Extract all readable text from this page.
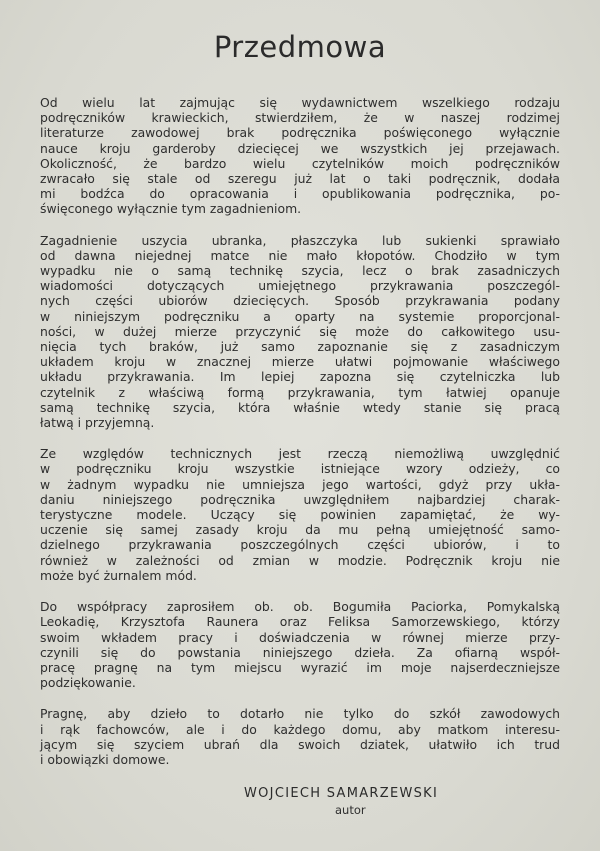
Przedmowa
Od wielu lat zajmując się wydawnictwem wszelkiego rodzaju
podręczników krawieckich, stwierdziłem, że w naszej rodzimej
literaturze zawodowej brak podręcznika poświęconego wyłącznie
nauce kroju garderoby dziecięcej we wszystkich jej przejawach.
Okoliczność, że bardzo wielu czytelników moich podręczników
zwracało się stale od szeregu już lat o taki podręcznik, dodała
mi bodźca do opracowania i opublikowania podręcznika, po-
święconego wyłącznie tym zagadnieniom.
Zagadnienie uszycia ubranka, płaszczyka lub sukienki sprawiało
od dawna niejednej matce nie mało kłopotów. Chodziło w tym
wypadku nie o samą technikę szycia, lecz o brak zasadniczych
wiadomości dotyczących umiejętnego przykrawania poszczegól-
nych części ubiorów dziecięcych. Sposób przykrawania podany
w niniejszym podręczniku a oparty na systemie proporcjonal-
ności, w dużej mierze przyczynić się może do całkowitego usu-
nięcia tych braków, już samo zapoznanie się z zasadniczym
układem kroju w znacznej mierze ułatwi pojmowanie właściwego
układu przykrawania. Im lepiej zapozna się czytelniczka lub
czytelnik z właściwą formą przykrawania, tym łatwiej opanuje
samą technikę szycia, która właśnie wtedy stanie się pracą
łatwą i przyjemną.
Ze względów technicznych jest rzeczą niemożliwą uwzględnić
w podręczniku kroju wszystkie istniejące wzory odzieży, co
w żadnym wypadku nie umniejsza jego wartości, gdyż przy ukła-
daniu niniejszego podręcznika uwzględniłem najbardziej charak-
terystyczne modele. Uczący się powinien zapamiętać, że wy-
uczenie się samej zasady kroju da mu pełną umiejętność samo-
dzielnego przykrawania poszczególnych części ubiorów, i to
również w zależności od zmian w modzie. Podręcznik kroju nie
może być żurnalem mód.
Do współpracy zaprosiłem ob. ob. Bogumiła Paciorka, Pomykalską
Leokadię, Krzysztofa Raunera oraz Feliksa Samorzewskiego, którzy
swoim wkładem pracy i doświadczenia w równej mierze przy-
czynili się do powstania niniejszego dzieła. Za ofiarną współ-
pracę pragnę na tym miejscu wyrazić im moje najserdeczniejsze
podziękowanie.
Pragnę, aby dzieło to dotarło nie tylko do szkół zawodowych
i rąk fachowców, ale i do każdego domu, aby matkom interesu-
jącym się szyciem ubrań dla swoich dziatek, ułatwiło ich trud
i obowiązki domowe.
WOJCIECH SAMARZEWSKI
autor
